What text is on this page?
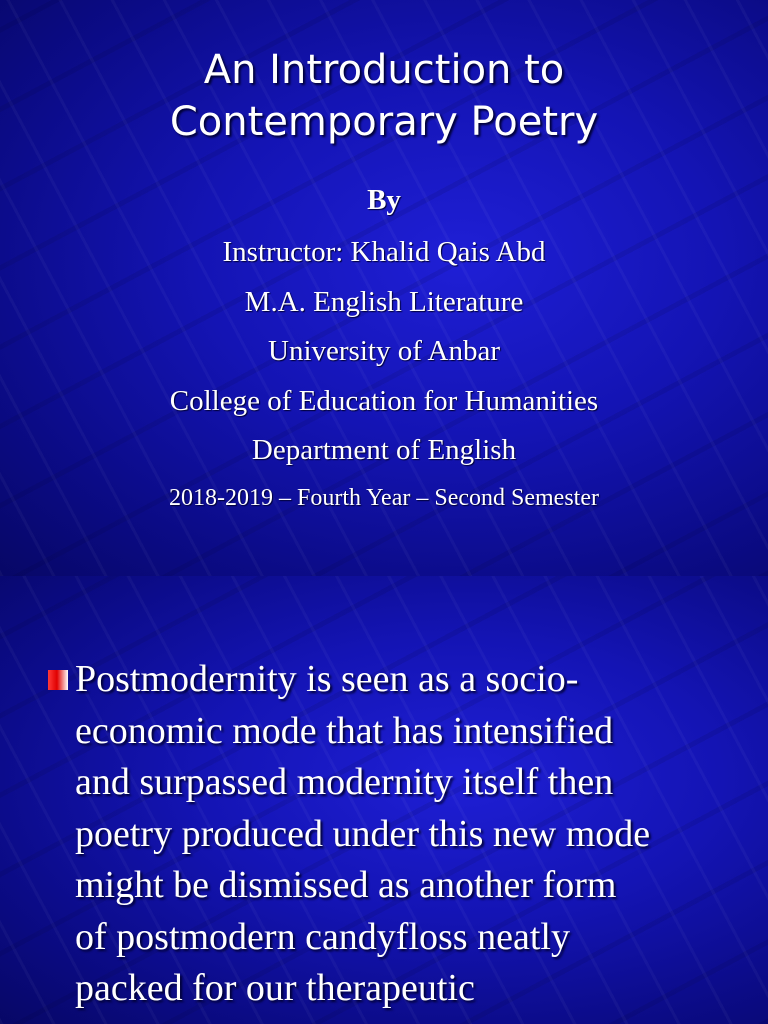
An Introduction to
Contemporary Poetry
By
Instructor: Khalid Qais Abd
M.A. English Literature
University of Anbar
College of Education for Humanities
Department of English
2018-2019 – Fourth Year – Second Semester
Postmodernity is seen as a socio-
economic mode that has intensified
and surpassed modernity itself then
poetry produced under this new mode
might be dismissed as another form
of postmodern candyfloss neatly
packed for our therapeutic
